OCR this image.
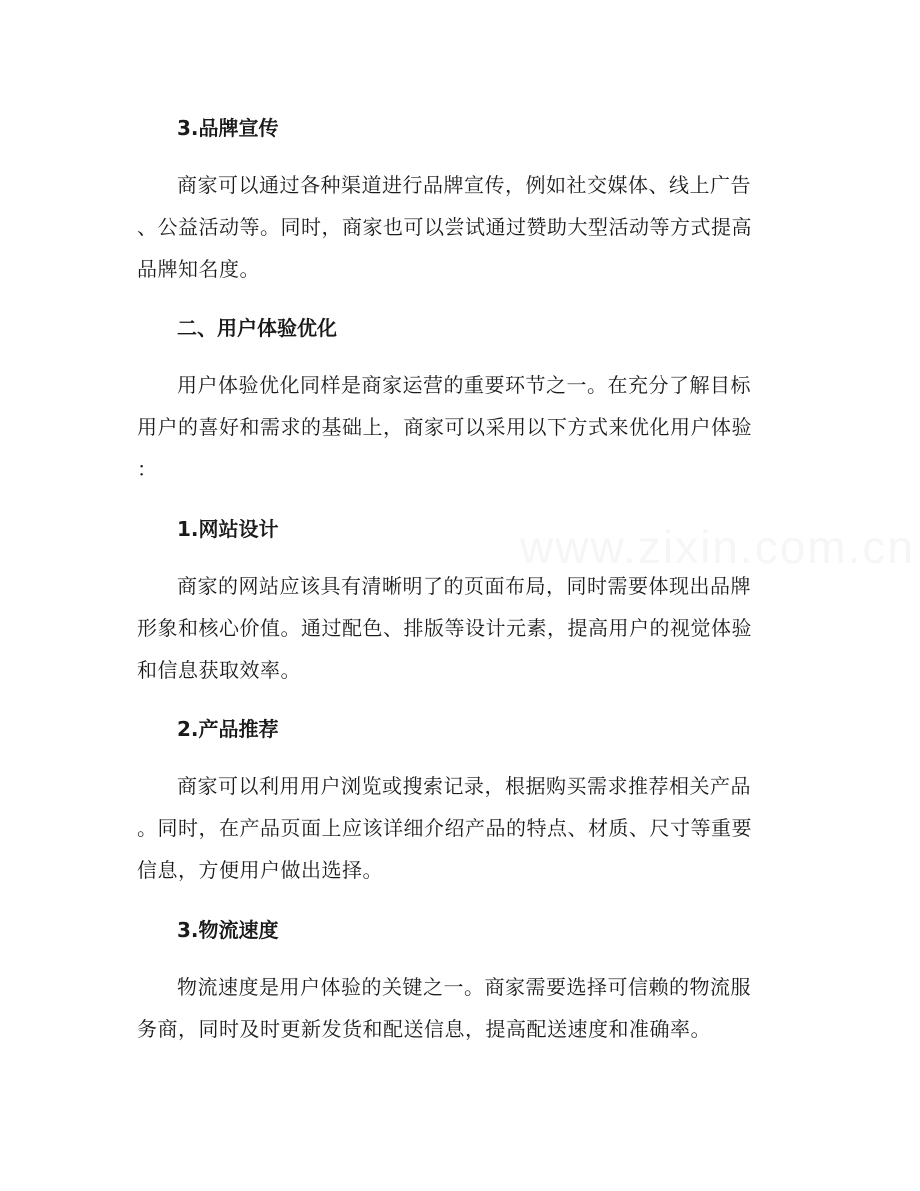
www.zixin.com.cn
3.品牌宣传
商家可以通过各种渠道进行品牌宣传，例如社交媒体、线上广告
、公益活动等。同时，商家也可以尝试通过赞助大型活动等方式提高
品牌知名度。
二、用户体验优化
用户体验优化同样是商家运营的重要环节之一。在充分了解目标
用户的喜好和需求的基础上，商家可以采用以下方式来优化用户体验
：
1.网站设计
商家的网站应该具有清晰明了的页面布局，同时需要体现出品牌
形象和核心价值。通过配色、排版等设计元素，提高用户的视觉体验
和信息获取效率。
2.产品推荐
商家可以利用用户浏览或搜索记录，根据购买需求推荐相关产品
。同时，在产品页面上应该详细介绍产品的特点、材质、尺寸等重要
信息，方便用户做出选择。
3.物流速度
物流速度是用户体验的关键之一。商家需要选择可信赖的物流服
务商，同时及时更新发货和配送信息，提高配送速度和准确率。
